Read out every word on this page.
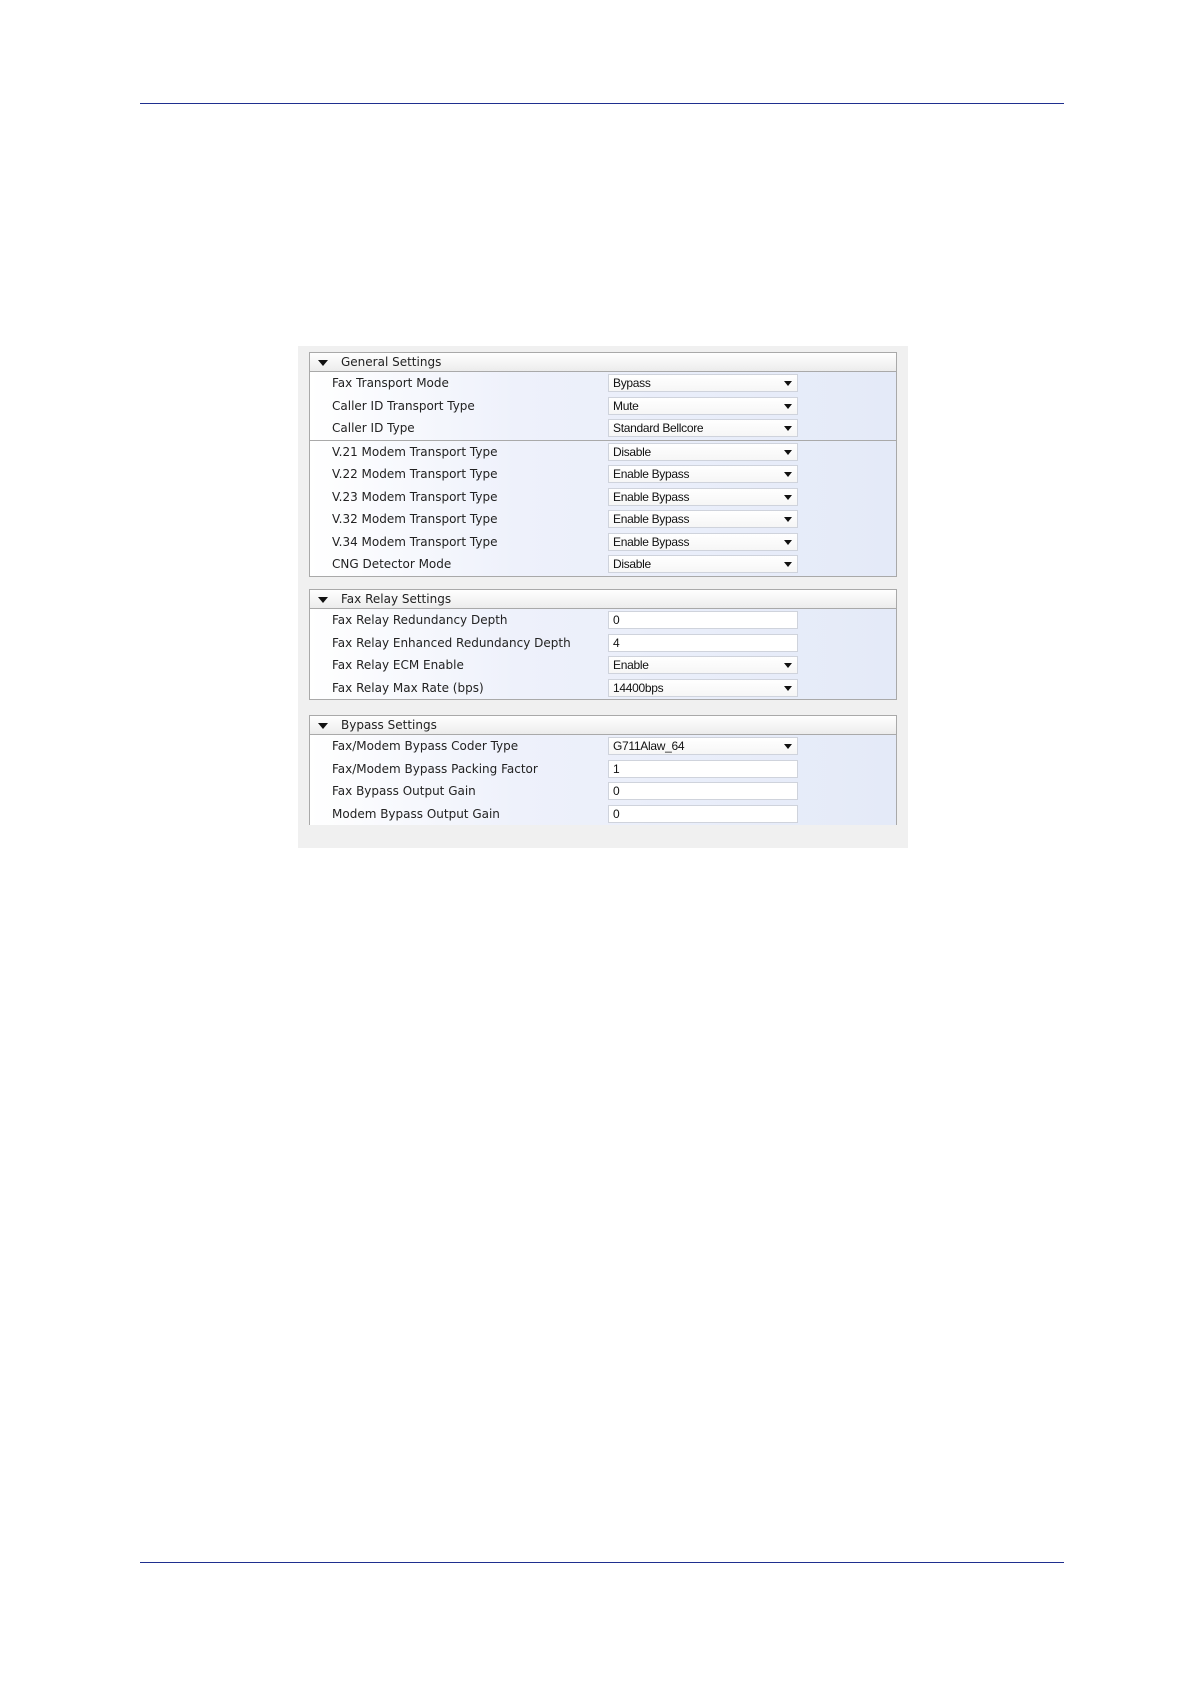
General Settings
Fax Transport Mode	Bypass
Caller ID Transport Type	Mute
Caller ID Type	Standard Bellcore
V.21 Modem Transport Type	Disable
V.22 Modem Transport Type	Enable Bypass
V.23 Modem Transport Type	Enable Bypass
V.32 Modem Transport Type	Enable Bypass
V.34 Modem Transport Type	Enable Bypass
CNG Detector Mode	Disable
Fax Relay Settings
Fax Relay Redundancy Depth	0
Fax Relay Enhanced Redundancy Depth	4
Fax Relay ECM Enable	Enable
Fax Relay Max Rate (bps)	14400bps
Bypass Settings
Fax/Modem Bypass Coder Type	G711Alaw_64
Fax/Modem Bypass Packing Factor	1
Fax Bypass Output Gain	0
Modem Bypass Output Gain	0
